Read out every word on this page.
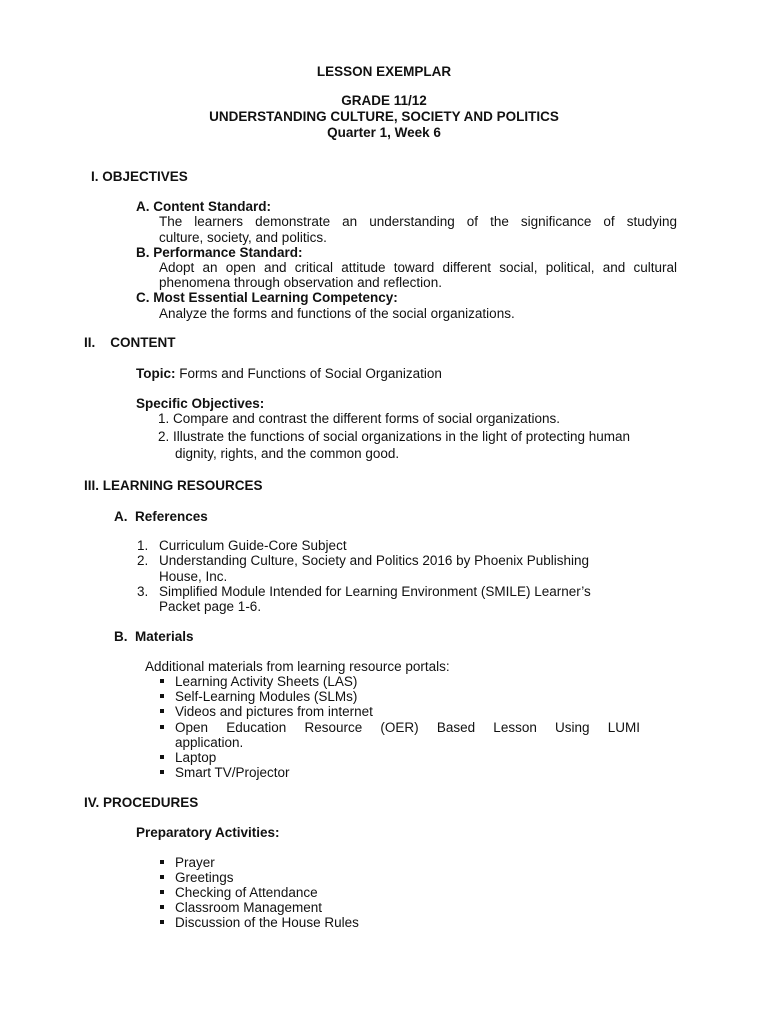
LESSON EXEMPLAR
GRADE 11/12
UNDERSTANDING CULTURE, SOCIETY AND POLITICS
Quarter 1, Week 6
I. OBJECTIVES
A. Content Standard:
The learners demonstrate an understanding of the significance of studying
culture, society, and politics.
B. Performance Standard:
Adopt an open and critical attitude toward different social, political, and cultural
phenomena through observation and reflection.
C. Most Essential Learning Competency:
Analyze the forms and functions of the social organizations.
II.    CONTENT
Topic: Forms and Functions of Social Organization
Specific Objectives:
1. Compare and contrast the different forms of social organizations.
2. Illustrate the functions of social organizations in the light of protecting human
dignity, rights, and the common good.
III. LEARNING RESOURCES
A.  References
1. Curriculum Guide-Core Subject
2. Understanding Culture, Society and Politics 2016 by Phoenix Publishing
House, Inc.
3. Simplified Module Intended for Learning Environment (SMILE) Learner’s
Packet page 1-6.
B.  Materials
Additional materials from learning resource portals:
Learning Activity Sheets (LAS)
Self-Learning Modules (SLMs)
Videos and pictures from internet
Open Education Resource (OER) Based Lesson Using LUMI
application.
Laptop
Smart TV/Projector
IV. PROCEDURES
Preparatory Activities:
Prayer
Greetings
Checking of Attendance
Classroom Management
Discussion of the House Rules
